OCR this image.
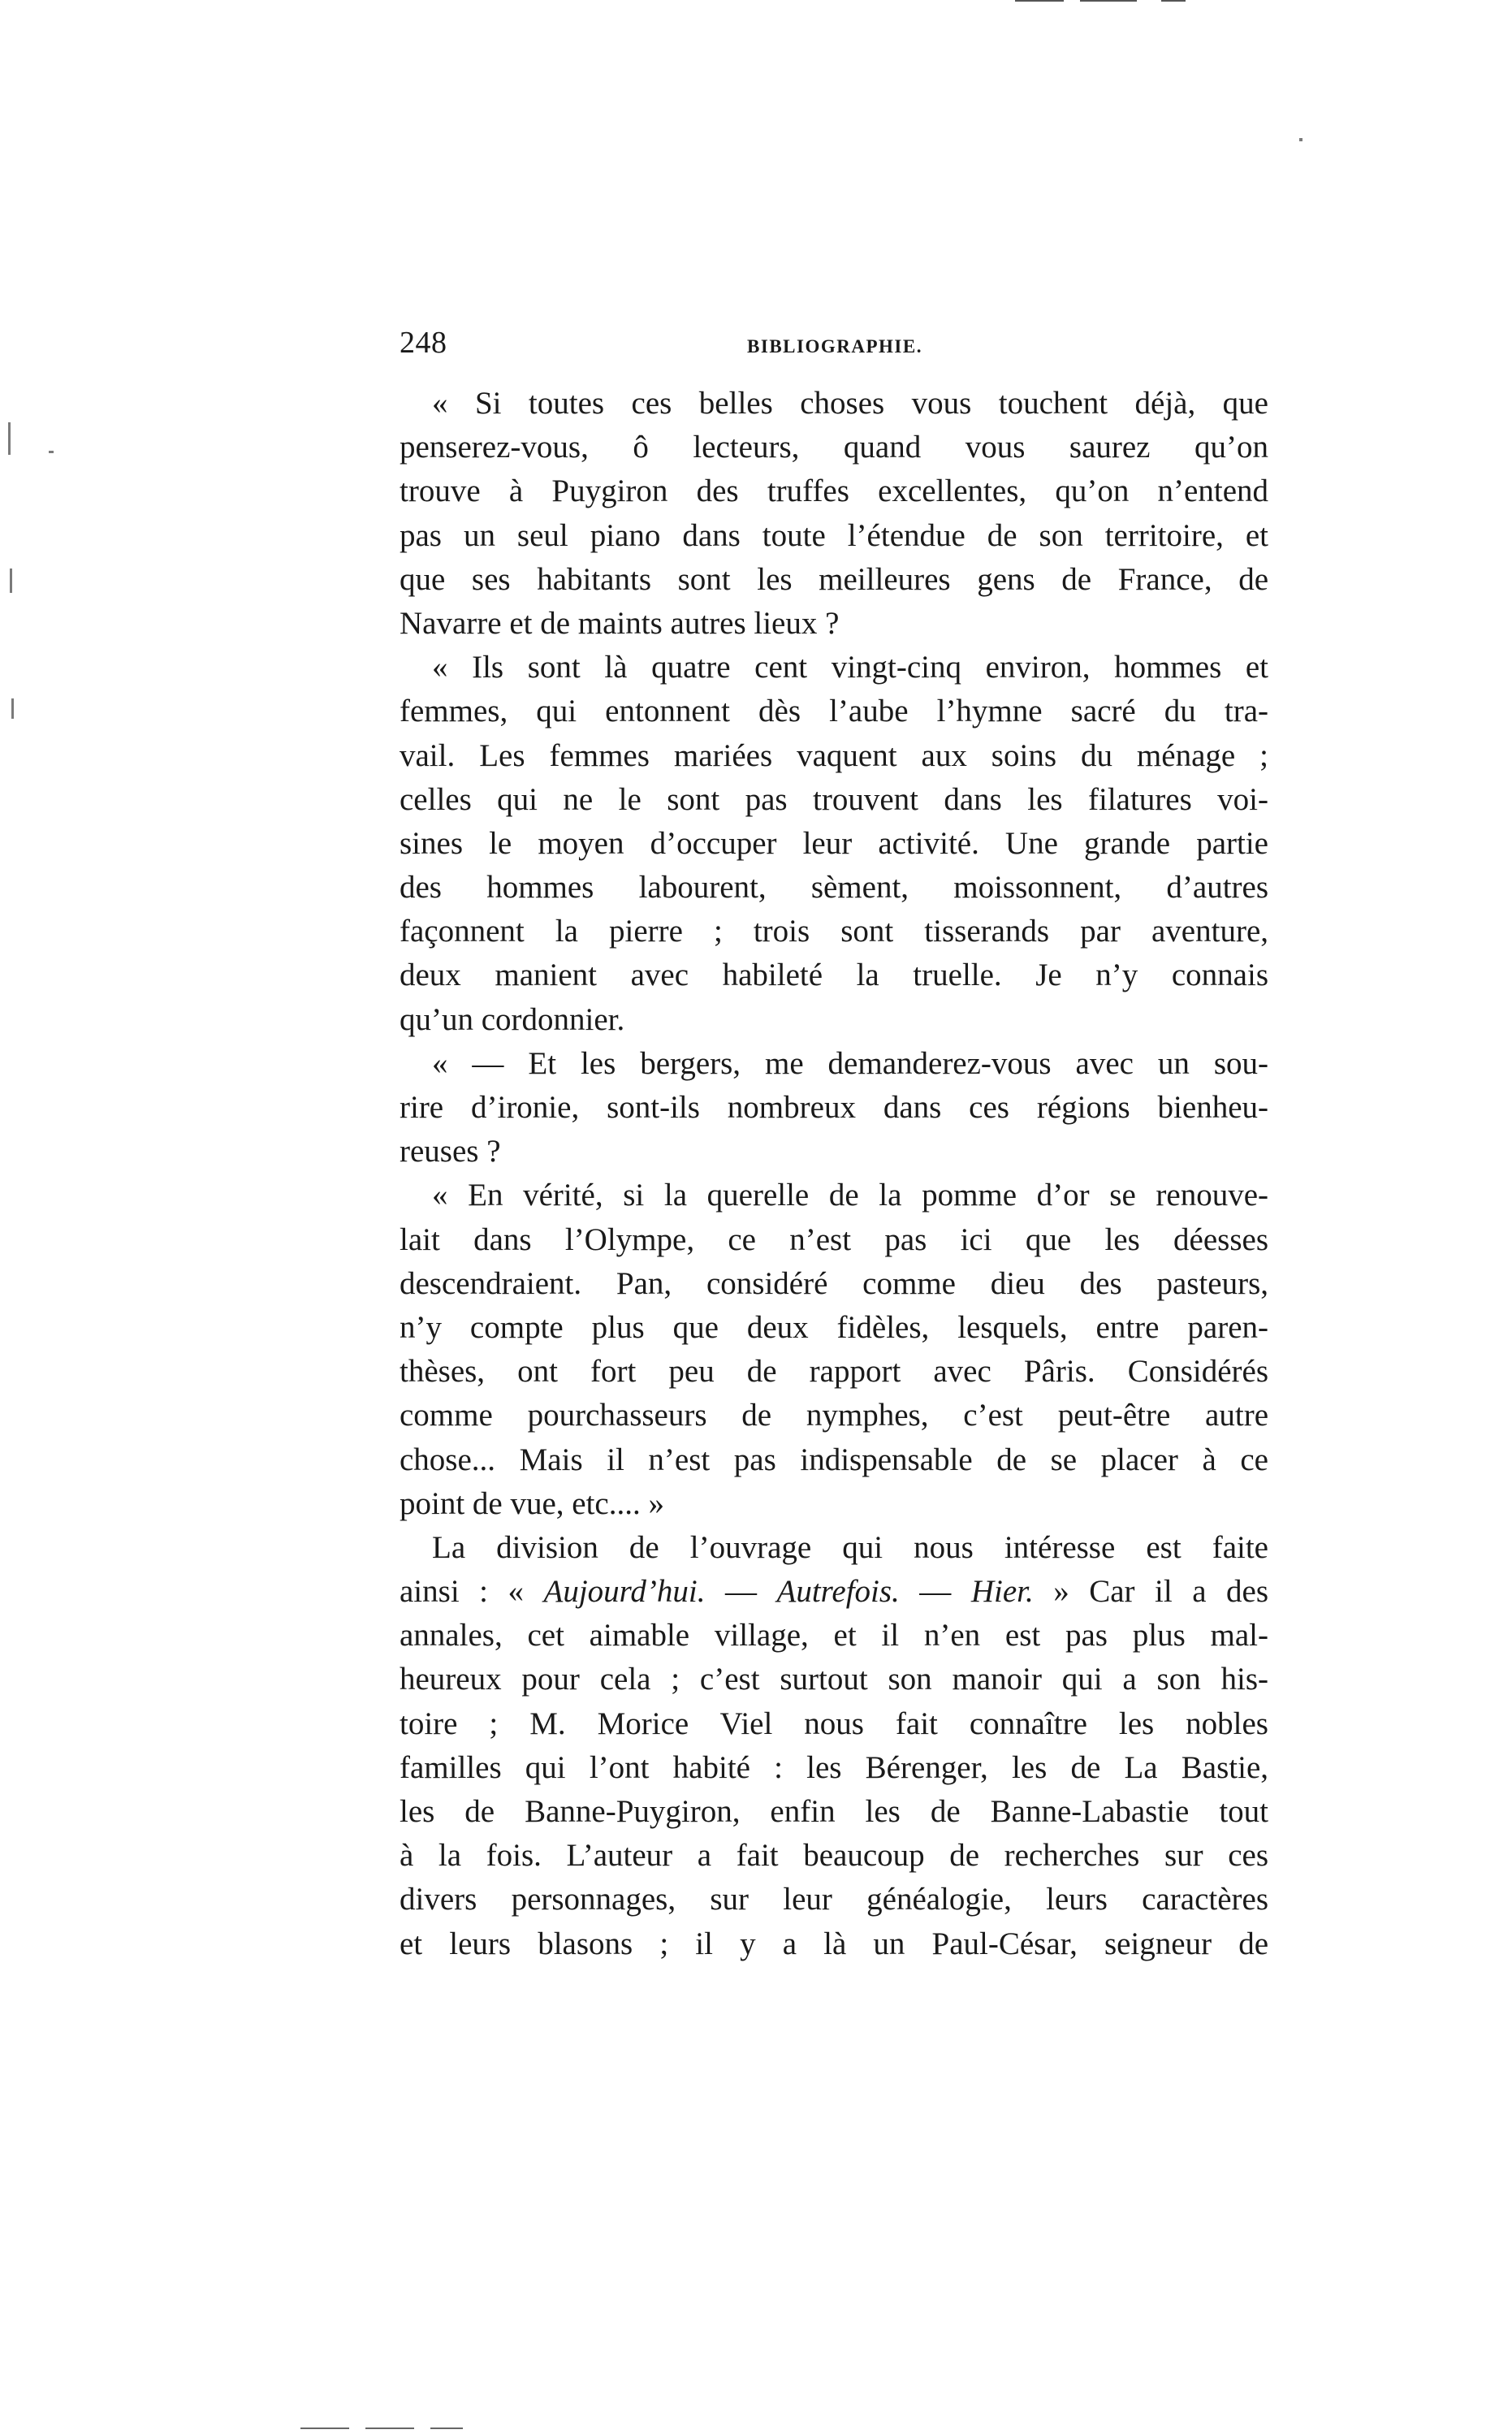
248	BIBLIOGRAPHIE.
« Si toutes ces belles choses vous touchent déjà, que
penserez-vous, ô lecteurs, quand vous saurez qu’on
trouve à Puygiron des truffes excellentes, qu’on n’entend
pas un seul piano dans toute l’étendue de son territoire, et
que ses habitants sont les meilleures gens de France, de
Navarre et de maints autres lieux ?
« Ils sont là quatre cent vingt-cinq environ, hommes et
femmes, qui entonnent dès l’aube l’hymne sacré du tra-
vail. Les femmes mariées vaquent aux soins du ménage ;
celles qui ne le sont pas trouvent dans les filatures voi-
sines le moyen d’occuper leur activité. Une grande partie
des hommes labourent, sèment, moissonnent, d’autres
façonnent la pierre ; trois sont tisserands par aventure,
deux manient avec habileté la truelle. Je n’y connais
qu’un cordonnier.
« — Et les bergers, me demanderez-vous avec un sou-
rire d’ironie, sont-ils nombreux dans ces régions bienheu-
reuses ?
« En vérité, si la querelle de la pomme d’or se renouve-
lait dans l’Olympe, ce n’est pas ici que les déesses
descendraient. Pan, considéré comme dieu des pasteurs,
n’y compte plus que deux fidèles, lesquels, entre paren-
thèses, ont fort peu de rapport avec Pâris. Considérés
comme pourchasseurs de nymphes, c’est peut-être autre
chose... Mais il n’est pas indispensable de se placer à ce
point de vue, etc.... »
La division de l’ouvrage qui nous intéresse est faite
ainsi : « Aujourd’hui. — Autrefois. — Hier. » Car il a des
annales, cet aimable village, et il n’en est pas plus mal-
heureux pour cela ; c’est surtout son manoir qui a son his-
toire ; M. Morice Viel nous fait connaître les nobles
familles qui l’ont habité : les Bérenger, les de La Bastie,
les de Banne-Puygiron, enfin les de Banne-Labastie tout
à la fois. L’auteur a fait beaucoup de recherches sur ces
divers personnages, sur leur généalogie, leurs caractères
et leurs blasons ; il y a là un Paul-César, seigneur de
